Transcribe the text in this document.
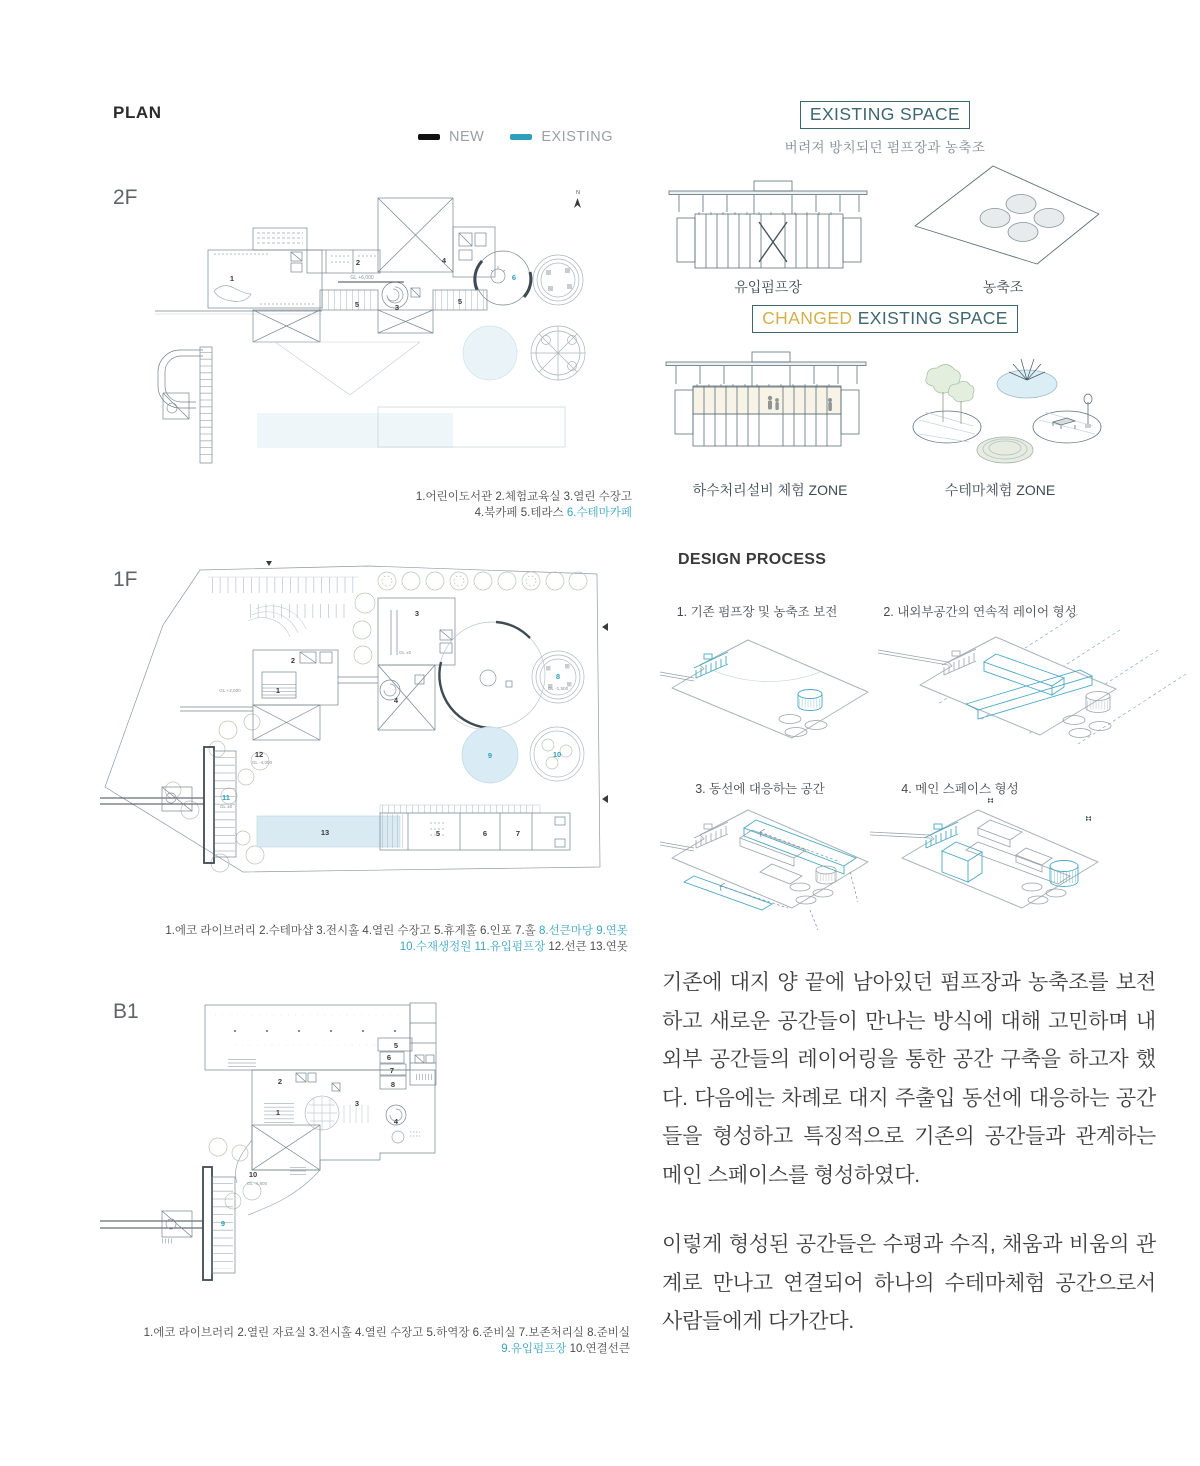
PLAN
NEW	EXISTING
2F	N
GL +6,000
1
2
3
4
5	5
6
1.어린이도서관 2.체험교육실 3.열린 수장고
4.북카페 5.테라스 6.수테마카페
1F
1
2
3
4
5	6	7
8
9	10
11
12
13
GL +2,000
GL ±0
GL -1,500
GL -4,000
GL ±0
1.에코 라이브러리 2.수테마샵 3.전시홀 4.열린 수장고 5.휴게홀 6.인포 7.홀 8.선큰마당 9.연못
10.수재생정원 11.유입펌프장 12.선큰 13.연못
B1
1
2
3
4
5
6
7
8
9
10
GL -4,800
1.에코 라이브러리 2.열린 자료실 3.전시홀 4.열린 수장고 5.하역장 6.준비실 7.보존처리실 8.준비실
9.유입펌프장 10.연결선큰
EXISTING SPACE
버려져 방치되던 펌프장과 농축조
유입펌프장	농축조
CHANGED EXISTING SPACE
하수처리설비 체험 ZONE	수테마체험 ZONE
DESIGN PROCESS
1. 기존 펌프장 및 농축조 보전	2. 내외부공간의 연속적 레이어 형성
3. 동선에 대응하는 공간	4. 메인 스페이스 형성
기존에 대지 양 끝에 남아있던 펌프장과 농축조를 보전하고 새로운 공간들이 만나는 방식에 대해 고민하며 내외부 공간들의 레이어링을 통한 공간 구축을 하고자 했다. 다음에는 차례로 대지 주출입 동선에 대응하는 공간들을 형성하고 특징적으로 기존의 공간들과 관계하는 메인 스페이스를 형성하였다.
이렇게 형성된 공간들은 수평과 수직, 채움과 비움의 관계로 만나고 연결되어 하나의 수테마체험 공간으로서 사람들에게 다가간다.
